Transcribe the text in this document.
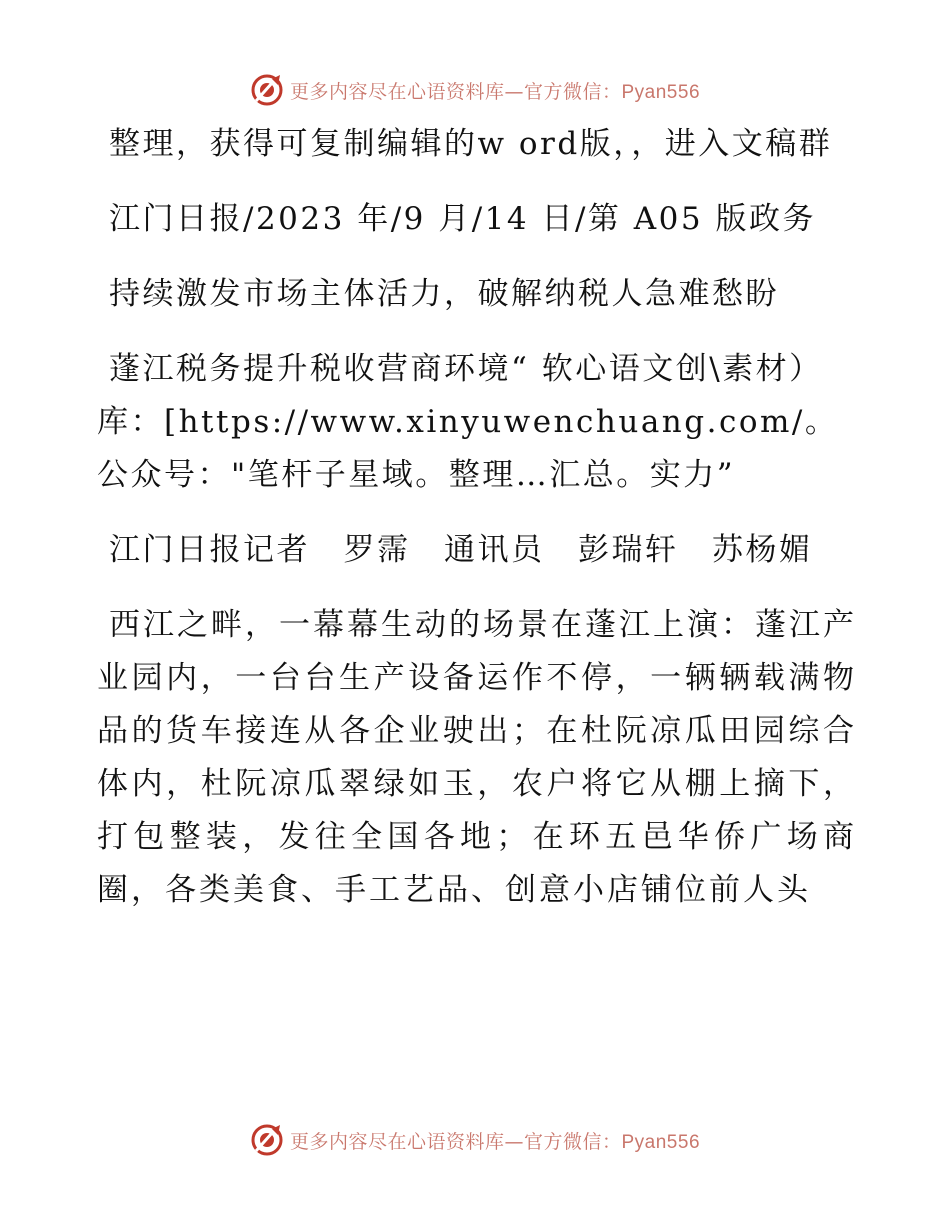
更多内容尽在心语资料库—官方微信：Pyan556

整理，获得可复制编辑的w ord版，，进入文稿群

江门日报/2023 年/9 月/14 日/第 A05 版政务

持续激发市场主体活力，破解纳税人急难愁盼

蓬江税务提升税收营商环境“ 软心语文创\素材）库：[https://www.xinyuwenchuang.com/。公众号："笔杆子星域。整理…汇总。实力”

江门日报记者　罗霈　通讯员　彭瑞轩　苏杨媚

西江之畔，一幕幕生动的场景在蓬江上演：蓬江产业园内，一台台生产设备运作不停，一辆辆载满物品的货车接连从各企业驶出；在杜阮凉瓜田园综合体内，杜阮凉瓜翠绿如玉，农户将它从棚上摘下，打包整装，发往全国各地；在环五邑华侨广场商圈，各类美食、手工艺品、创意小店铺位前人头

更多内容尽在心语资料库—官方微信：Pyan556
